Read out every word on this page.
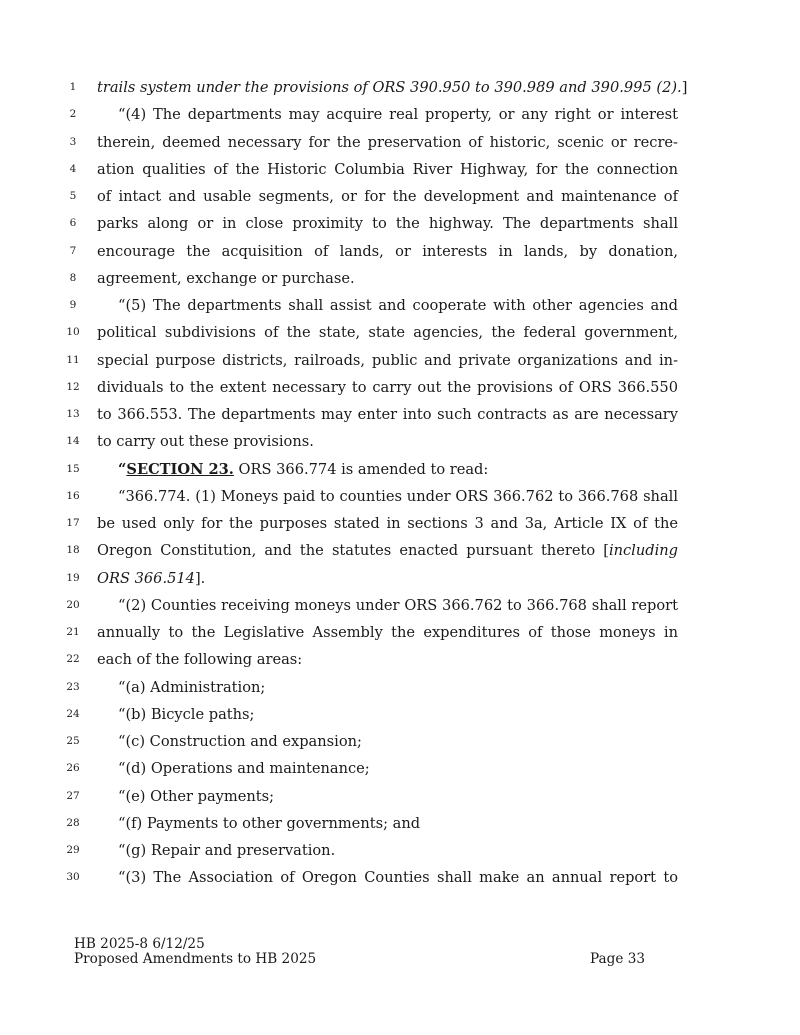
1	trails system under the provisions of ORS 390.950 to 390.989 and 390.995 (2).]
2	“(4) The departments may acquire real property, or any right or interest
3	therein, deemed necessary for the preservation of historic, scenic or recre-
4	ation qualities of the Historic Columbia River Highway, for the connection
5	of intact and usable segments, or for the development and maintenance of
6	parks along or in close proximity to the highway. The departments shall
7	encourage the acquisition of lands, or interests in lands, by donation,
8	agreement, exchange or purchase.
9	“(5) The departments shall assist and cooperate with other agencies and
10 political subdivisions of the state, state agencies, the federal government,
11 special purpose districts, railroads, public and private organizations and in-
12 dividuals to the extent necessary to carry out the provisions of ORS 366.550
13 to 366.553. The departments may enter into such contracts as are necessary
14 to carry out these provisions.
15	“SECTION 23. ORS 366.774 is amended to read:
16	“366.774. (1) Moneys paid to counties under ORS 366.762 to 366.768 shall
17 be used only for the purposes stated in sections 3 and 3a, Article IX of the
18 Oregon Constitution, and the statutes enacted pursuant thereto [including
19 ORS 366.514].
20	“(2) Counties receiving moneys under ORS 366.762 to 366.768 shall report
21 annually to the Legislative Assembly the expenditures of those moneys in
22 each of the following areas:
23	“(a) Administration;
24	“(b) Bicycle paths;
25	“(c) Construction and expansion;
26	“(d) Operations and maintenance;
27	“(e) Other payments;
28	“(f) Payments to other governments; and
29	“(g) Repair and preservation.
30	“(3) The Association of Oregon Counties shall make an annual report to
HB 2025-8 6/12/25
Proposed Amendments to HB 2025	Page 33
